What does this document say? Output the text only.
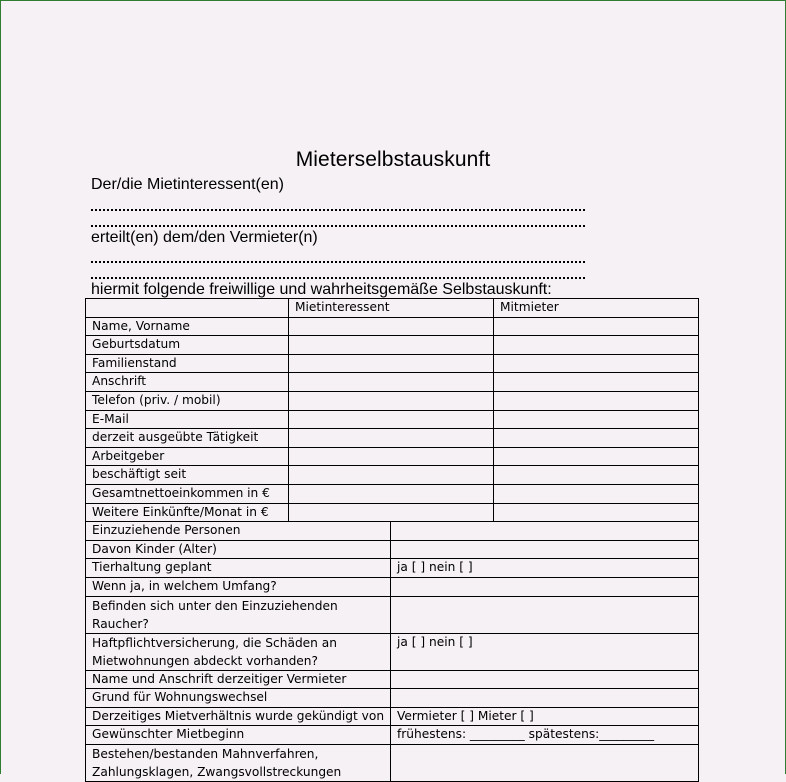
Mieterselbstauskunft
Der/die Mietinteressent(en)
erteilt(en) dem/den Vermieter(n)
hiermit folgende freiwillige und wahrheitsgemäße Selbstauskunft:
	Mietinteressent		Mitmieter
Name, Vorname			
Geburtsdatum			
Familienstand			
Anschrift			
Telefon (priv. / mobil)			
E-Mail			
derzeit ausgeübte Tätigkeit			
Arbeitgeber			
beschäftigt seit			
Gesamtnettoeinkommen in €			
Weitere Einkünfte/Monat in €			
Einzuziehende Personen			
Davon Kinder (Alter)			
Tierhaltung geplant		ja [ ] nein [ ]	
Wenn ja, in welchem Umfang?			
Befinden sich unter den Einzuziehenden Raucher?			
Haftpflichtversicherung, die Schäden an Mietwohnungen abdeckt vorhanden?		ja [ ] nein [ ]	
Name und Anschrift derzeitiger Vermieter			
Grund für Wohnungswechsel			
Derzeitiges Mietverhältnis wurde gekündigt von		Vermieter [ ] Mieter [ ]	
Gewünschter Mietbeginn		frühestens: _________ spätestens:_________	
Bestehen/bestanden Mahnverfahren, Zahlungsklagen, Zwangsvollstreckungen			
